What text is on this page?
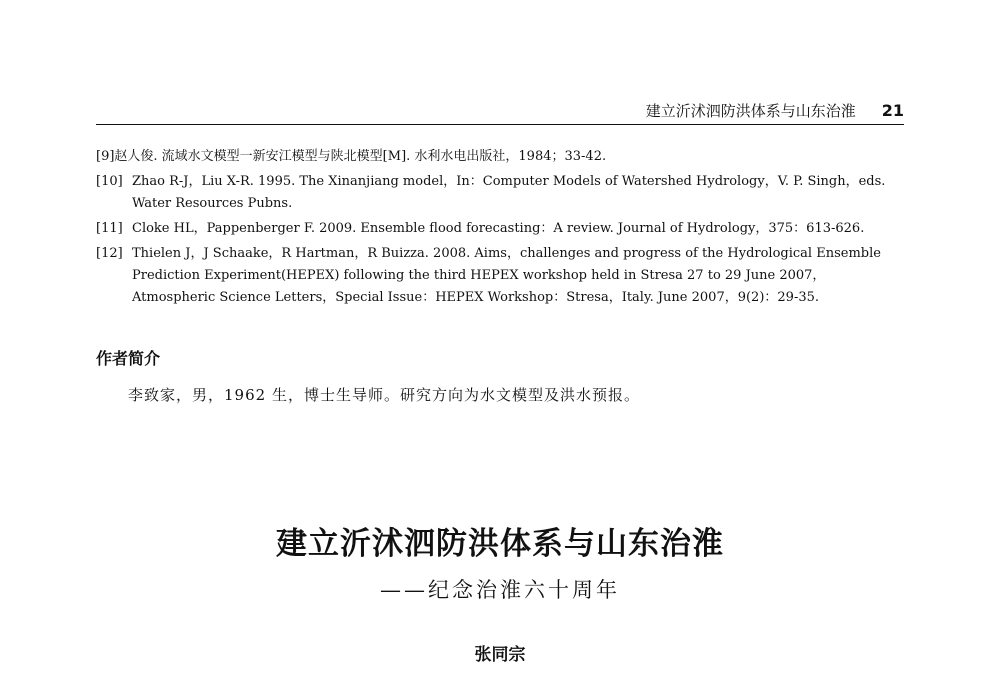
建立沂沭泗防洪体系与山东治淮 21

[9]赵人俊. 流域水文模型一新安江模型与陕北模型[M]. 水利水电出版社，1984；33-42.

[10] Zhao R-J，Liu X-R. 1995. The Xinanjiang model，In：Computer Models of Watershed Hydrology，V. P. Singh，eds. Water Resources Pubns.

[11] Cloke HL，Pappenberger F. 2009. Ensemble flood forecasting：A review. Journal of Hydrology，375：613-626.

[12] Thielen J，J Schaake，R Hartman，R Buizza. 2008. Aims，challenges and progress of the Hydrological Ensemble Prediction Experiment(HEPEX) following the third HEPEX workshop held in Stresa 27 to 29 June 2007，Atmospheric Science Letters，Special Issue：HEPEX Workshop：Stresa，Italy. June 2007，9(2)：29-35.

作者简介
李致家，男，1962 生，博士生导师。研究方向为水文模型及洪水预报。
建立沂沭泗防洪体系与山东治淮
——纪念治淮六十周年
张同宗
